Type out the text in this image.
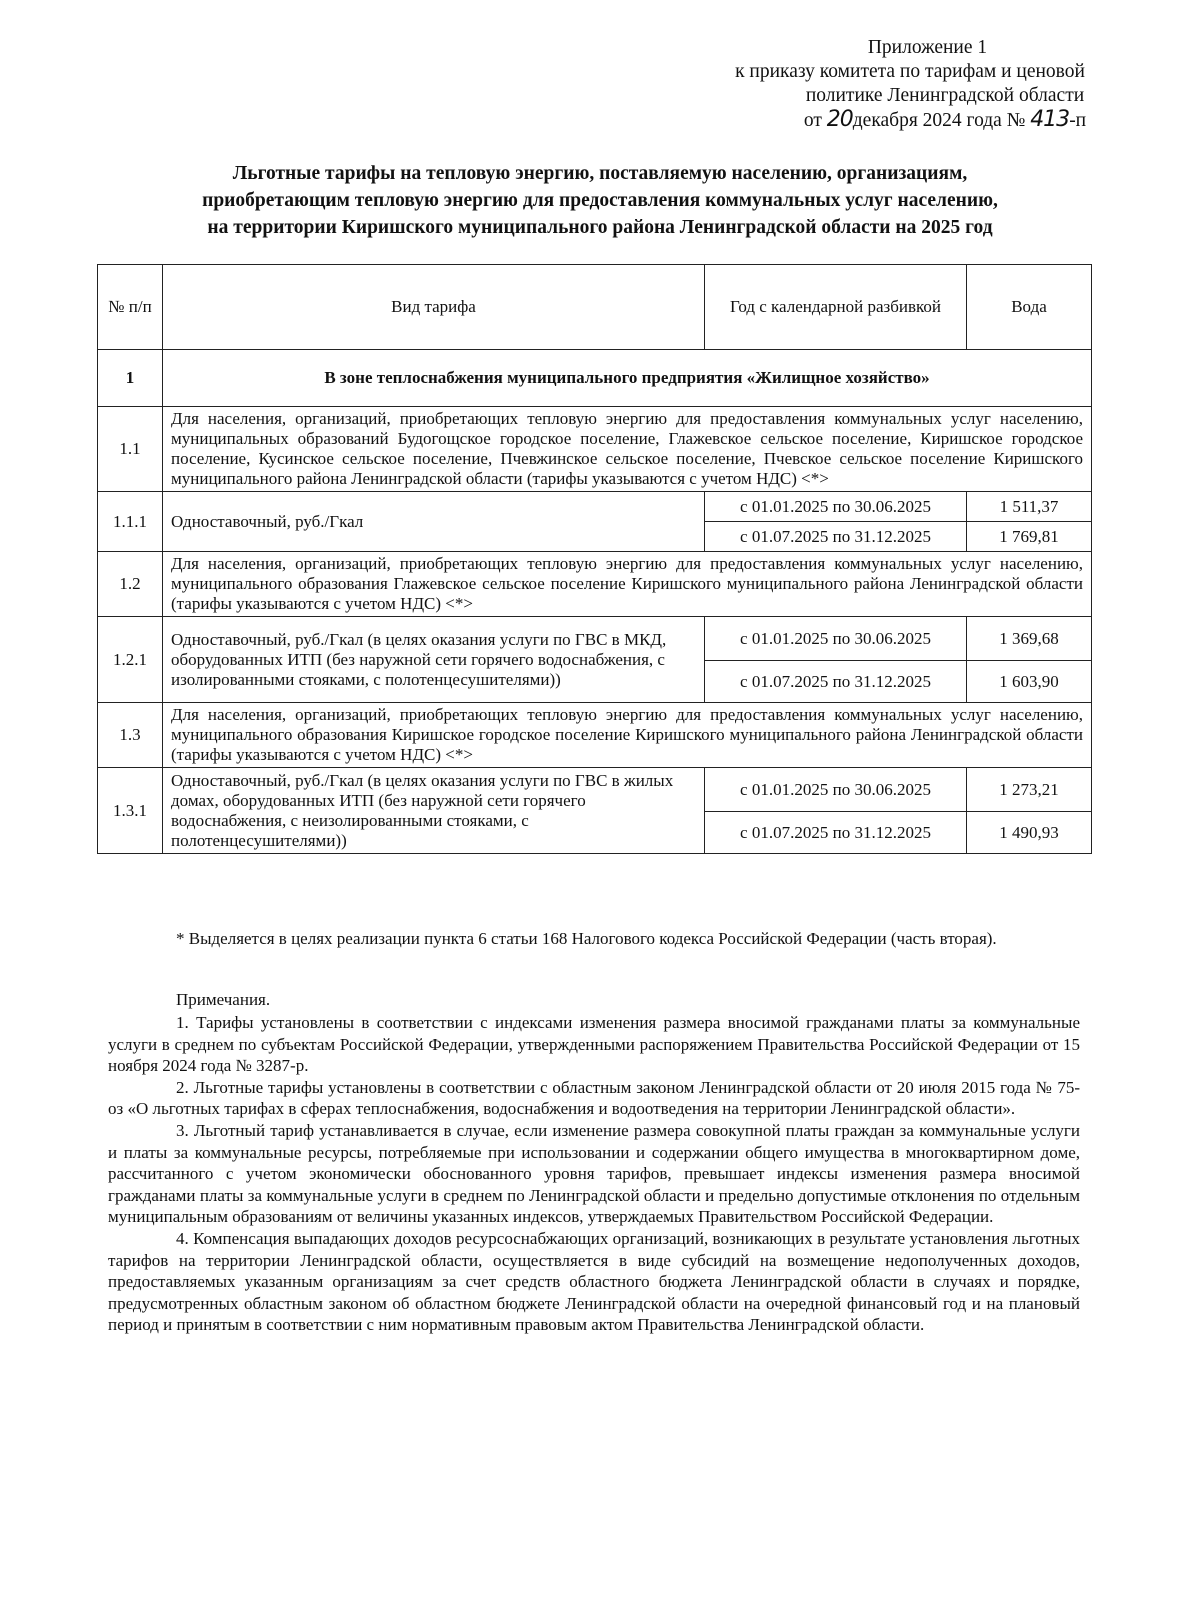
Приложение 1
к приказу комитета по тарифам и ценовой
политике Ленинградской области
от 20декабря 2024 года № 413-п
Льготные тарифы на тепловую энергию, поставляемую населению, организациям,
приобретающим тепловую энергию для предоставления коммунальных услуг населению,
на территории Киришского муниципального района Ленинградской области на 2025 год
№ п/п	Вид тарифа	Год с календарной разбивкой	Вода
1	В зоне теплоснабжения муниципального предприятия «Жилищное хозяйство»		
1.1	Для населения, организаций, приобретающих тепловую энергию для предоставления коммунальных услуг населению, муниципальных образований Будогощское городское поселение, Глажевское сельское поселение, Киришское городское поселение, Кусинское сельское поселение, Пчевжинское сельское поселение, Пчевское сельское поселение Киришского муниципального района Ленинградской области (тарифы указываются с учетом НДС) <*>		
1.1.1	Одноставочный, руб./Гкал	с 01.01.2025 по 30.06.2025	1 511,37
		с 01.07.2025 по 31.12.2025	1 769,81
1.2	Для населения, организаций, приобретающих тепловую энергию для предоставления коммунальных услуг населению, муниципального образования Глажевское сельское поселение Киришского муниципального района Ленинградской области (тарифы указываются с учетом НДС) <*>		
1.2.1	Одноставочный, руб./Гкал (в целях оказания услуги по ГВС в МКД, оборудованных ИТП (без наружной сети горячего водоснабжения, с изолированными стояками, с полотенцесушителями))	с 01.01.2025 по 30.06.2025	1 369,68
		с 01.07.2025 по 31.12.2025	1 603,90
1.3	Для населения, организаций, приобретающих тепловую энергию для предоставления коммунальных услуг населению, муниципального образования Киришское городское поселение Киришского муниципального района Ленинградской области (тарифы указываются с учетом НДС) <*>		
1.3.1	Одноставочный, руб./Гкал (в целях оказания услуги по ГВС в жилых домах, оборудованных ИТП (без наружной сети горячего водоснабжения, с неизолированными стояками, с полотенцесушителями))	с 01.01.2025 по 30.06.2025	1 273,21
		с 01.07.2025 по 31.12.2025	1 490,93
* Выделяется в целях реализации пункта 6 статьи 168 Налогового кодекса Российской Федерации (часть вторая).
Примечания.

1. Тарифы установлены в соответствии с индексами изменения размера вносимой гражданами платы за коммунальные услуги в среднем по субъектам Российской Федерации, утвержденными распоряжением Правительства Российской Федерации от 15 ноября 2024 года № 3287-р.

2. Льготные тарифы установлены в соответствии с областным законом Ленинградской области от 20 июля 2015 года № 75-оз «О льготных тарифах в сферах теплоснабжения, водоснабжения и водоотведения на территории Ленинградской области».

3. Льготный тариф устанавливается в случае, если изменение размера совокупной платы граждан за коммунальные услуги и платы за коммунальные ресурсы, потребляемые при использовании и содержании общего имущества в многоквартирном доме, рассчитанного с учетом экономически обоснованного уровня тарифов, превышает индексы изменения размера вносимой гражданами платы за коммунальные услуги в среднем по Ленинградской области и предельно допустимые отклонения по отдельным муниципальным образованиям от величины указанных индексов, утверждаемых Правительством Российской Федерации.

4. Компенсация выпадающих доходов ресурсоснабжающих организаций, возникающих в результате установления льготных тарифов на территории Ленинградской области, осуществляется в виде субсидий на возмещение недополученных доходов, предоставляемых указанным организациям за счет средств областного бюджета Ленинградской области в случаях и порядке, предусмотренных областным законом об областном бюджете Ленинградской области на очередной финансовый год и на плановый период и принятым в соответствии с ним нормативным правовым актом Правительства Ленинградской области.
